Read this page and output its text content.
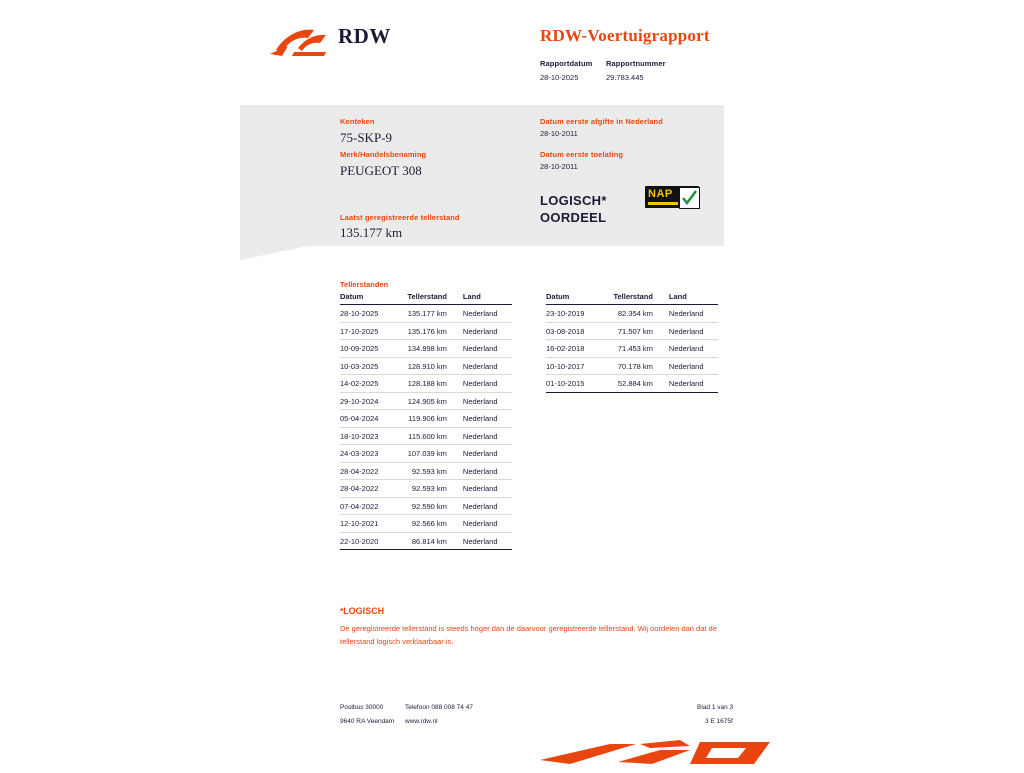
RDW	RDW-Voertuigrapport
Rapportdatum
28-10-2025
Rapportnummer
29.783.445
Kenteken
75-SKP-9
Merk/Handelsbenaming
PEUGEOT 308
Laatst geregistreerde tellerstand
135.177 km
Datum eerste afgifte in Nederland
28-10-2011
Datum eerste toelating
28-10-2011
LOGISCH*
OORDEEL
NAP
Tellerstanden
Datum	Tellerstand	Land
28-10-2025	135.177 km	Nederland
17-10-2025	135.176 km	Nederland
10-09-2025	134.998 km	Nederland
10-03-2025	128.910 km	Nederland
14-02-2025	128.188 km	Nederland
29-10-2024	124.905 km	Nederland
05-04-2024	119.906 km	Nederland
18-10-2023	115.600 km	Nederland
24-03-2023	107.039 km	Nederland
28-04-2022	92.593 km	Nederland
28-04-2022	92.593 km	Nederland
07-04-2022	92.590 km	Nederland
12-10-2021	92.566 km	Nederland
22-10-2020	86.814 km	Nederland
Datum	Tellerstand	Land
23-10-2019	82.354 km	Nederland
03-08-2018	71.507 km	Nederland
16-02-2018	71.453 km	Nederland
10-10-2017	70.178 km	Nederland
01-10-2015	52.884 km	Nederland
*LOGISCH
De geregistreerde tellerstand is steeds hoger dan de daarvoor geregistreerde tellerstand. Wij oordelen dan dat de tellerstand logisch verklaarbaar is.
Postbus 30000
9640 RA Veendam
Telefoon 088 008 74 47
www.rdw.nl
Blad 1 van 3
3 E 1675f
